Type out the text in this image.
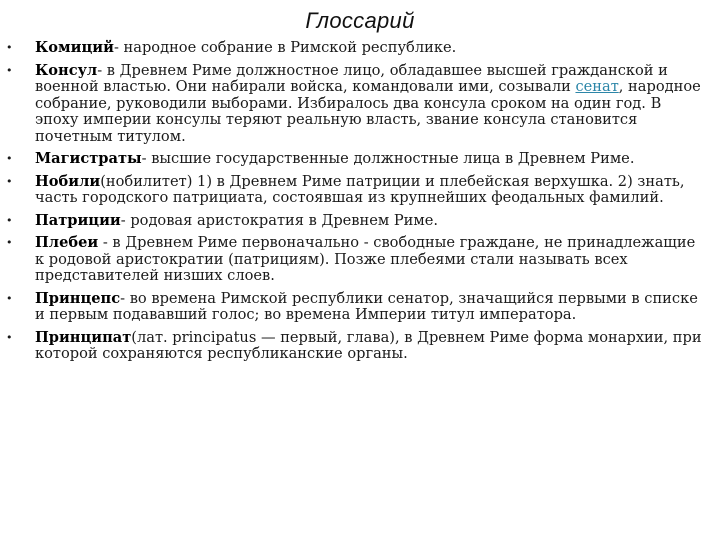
Глоссарий
• Комиций- народное собрание в Римской республике.
• Консул- в Древнем Риме должностное лицо, обладавшее высшей гражданской и военной властью. Они набирали войска, командовали ими, созывали сенат, народное собрание, руководили выборами. Избиралось два консула сроком на один год. В эпоху империи консулы теряют реальную власть, звание консула становится почетным титулом.
• Магистраты- высшие государственные должностные лица в Древнем Риме.
• Нобили(нобилитет) 1) в Древнем Риме патриции и плебейская верхушка. 2) знать, часть городского патрициата, состоявшая из крупнейших феодальных фамилий.
• Патриции- родовая аристократия в Древнем Риме.
• Плебеи - в Древнем Риме первоначально - свободные граждане, не принадлежащие к родовой аристократии (патрициям). Позже плебеями стали называть всех представителей низших слоев.
• Принцепс- во времена Римской республики сенатор, значащийся первыми в списке и первым подававший голос; во времена Империи титул императора.
• Принципат(лат. principatus — первый, глава), в Древнем Риме форма монархии, при которой сохраняются республиканские органы.
